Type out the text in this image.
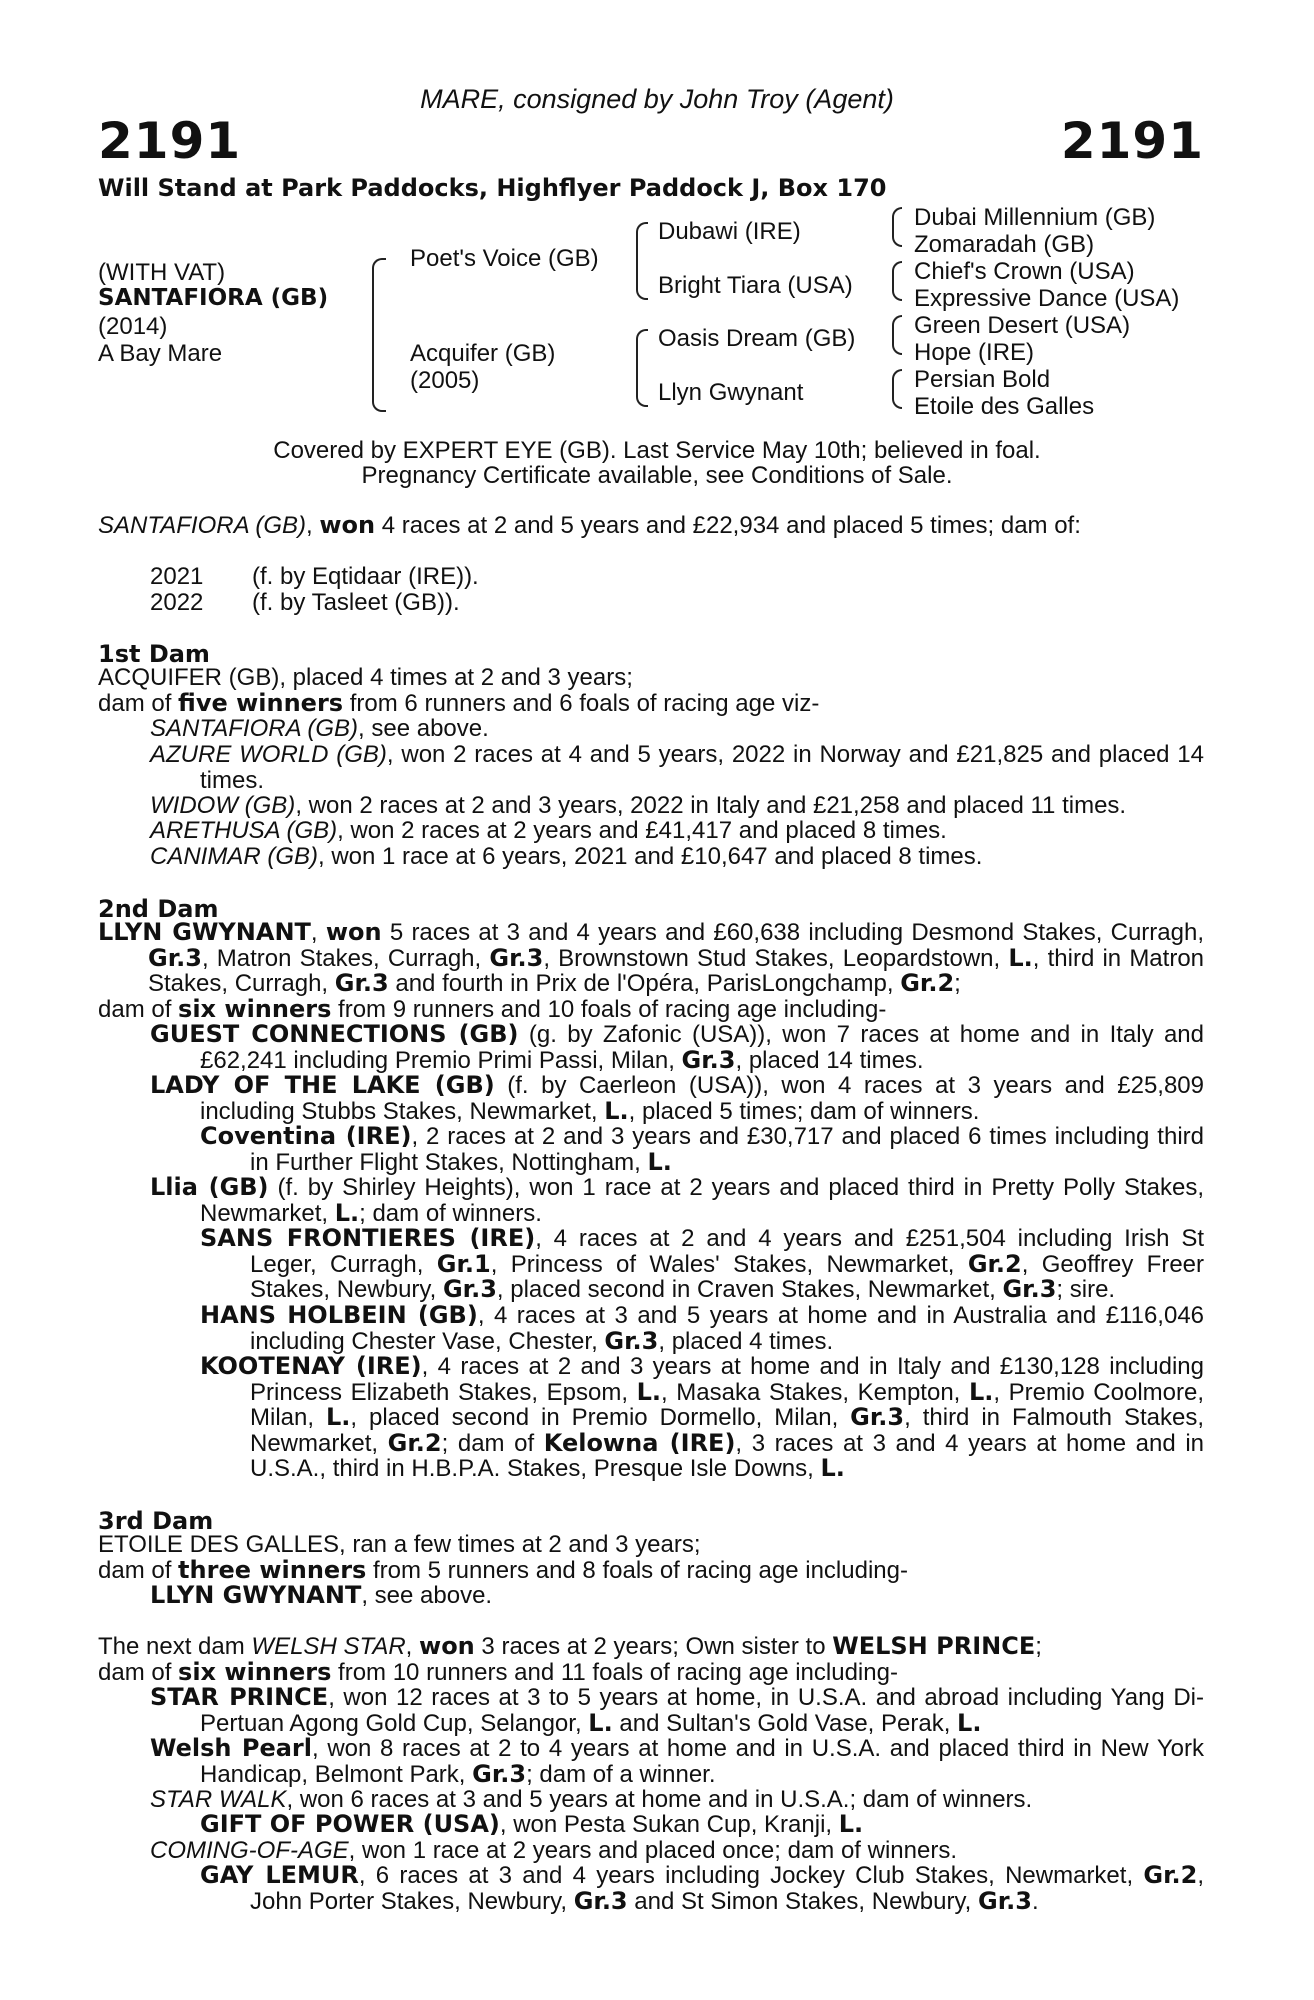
MARE, consigned by John Troy (Agent)
2191	2191
Will Stand at Park Paddocks, Highflyer Paddock J, Box 170
(WITH VAT)
SANTAFIORA (GB)
(2014)
A Bay Mare
Poet's Voice (GB)
Acquifer (GB)
(2005)
Dubawi (IRE)
Bright Tiara (USA)
Oasis Dream (GB)
Llyn Gwynant
Dubai Millennium (GB)
Zomaradah (GB)
Chief's Crown (USA)
Expressive Dance (USA)
Green Desert (USA)
Hope (IRE)
Persian Bold
Etoile des Galles
Covered by EXPERT EYE (GB). Last Service May 10th; believed in foal.
Pregnancy Certificate available, see Conditions of Sale.
SANTAFIORA (GB), won 4 races at 2 and 5 years and £22,934 and placed 5 times; dam of:
2021 (f. by Eqtidaar (IRE)).
2022 (f. by Tasleet (GB)).
1st Dam
ACQUIFER (GB), placed 4 times at 2 and 3 years;
dam of five winners from 6 runners and 6 foals of racing age viz-
SANTAFIORA (GB), see above.
AZURE WORLD (GB), won 2 races at 4 and 5 years, 2022 in Norway and £21,825 and placed 14 times.
WIDOW (GB), won 2 races at 2 and 3 years, 2022 in Italy and £21,258 and placed 11 times.
ARETHUSA (GB), won 2 races at 2 years and £41,417 and placed 8 times.
CANIMAR (GB), won 1 race at 6 years, 2021 and £10,647 and placed 8 times.
2nd Dam
LLYN GWYNANT, won 5 races at 3 and 4 years and £60,638 including Desmond Stakes, Curragh, Gr.3, Matron Stakes, Curragh, Gr.3, Brownstown Stud Stakes, Leopardstown, L., third in Matron Stakes, Curragh, Gr.3 and fourth in Prix de l'Opéra, ParisLongchamp, Gr.2;
dam of six winners from 9 runners and 10 foals of racing age including-
GUEST CONNECTIONS (GB) (g. by Zafonic (USA)), won 7 races at home and in Italy and £62,241 including Premio Primi Passi, Milan, Gr.3, placed 14 times.
LADY OF THE LAKE (GB) (f. by Caerleon (USA)), won 4 races at 3 years and £25,809 including Stubbs Stakes, Newmarket, L., placed 5 times; dam of winners.
Coventina (IRE), 2 races at 2 and 3 years and £30,717 and placed 6 times including third in Further Flight Stakes, Nottingham, L.
Llia (GB) (f. by Shirley Heights), won 1 race at 2 years and placed third in Pretty Polly Stakes, Newmarket, L.; dam of winners.
SANS FRONTIERES (IRE), 4 races at 2 and 4 years and £251,504 including Irish St Leger, Curragh, Gr.1, Princess of Wales' Stakes, Newmarket, Gr.2, Geoffrey Freer Stakes, Newbury, Gr.3, placed second in Craven Stakes, Newmarket, Gr.3; sire.
HANS HOLBEIN (GB), 4 races at 3 and 5 years at home and in Australia and £116,046 including Chester Vase, Chester, Gr.3, placed 4 times.
KOOTENAY (IRE), 4 races at 2 and 3 years at home and in Italy and £130,128 including Princess Elizabeth Stakes, Epsom, L., Masaka Stakes, Kempton, L., Premio Coolmore, Milan, L., placed second in Premio Dormello, Milan, Gr.3, third in Falmouth Stakes, Newmarket, Gr.2; dam of Kelowna (IRE), 3 races at 3 and 4 years at home and in U.S.A., third in H.B.P.A. Stakes, Presque Isle Downs, L.
3rd Dam
ETOILE DES GALLES, ran a few times at 2 and 3 years;
dam of three winners from 5 runners and 8 foals of racing age including-
LLYN GWYNANT, see above.
The next dam WELSH STAR, won 3 races at 2 years; Own sister to WELSH PRINCE;
dam of six winners from 10 runners and 11 foals of racing age including-
STAR PRINCE, won 12 races at 3 to 5 years at home, in U.S.A. and abroad including Yang Di-Pertuan Agong Gold Cup, Selangor, L. and Sultan's Gold Vase, Perak, L.
Welsh Pearl, won 8 races at 2 to 4 years at home and in U.S.A. and placed third in New York Handicap, Belmont Park, Gr.3; dam of a winner.
STAR WALK, won 6 races at 3 and 5 years at home and in U.S.A.; dam of winners.
GIFT OF POWER (USA), won Pesta Sukan Cup, Kranji, L.
COMING-OF-AGE, won 1 race at 2 years and placed once; dam of winners.
GAY LEMUR, 6 races at 3 and 4 years including Jockey Club Stakes, Newmarket, Gr.2, John Porter Stakes, Newbury, Gr.3 and St Simon Stakes, Newbury, Gr.3.
